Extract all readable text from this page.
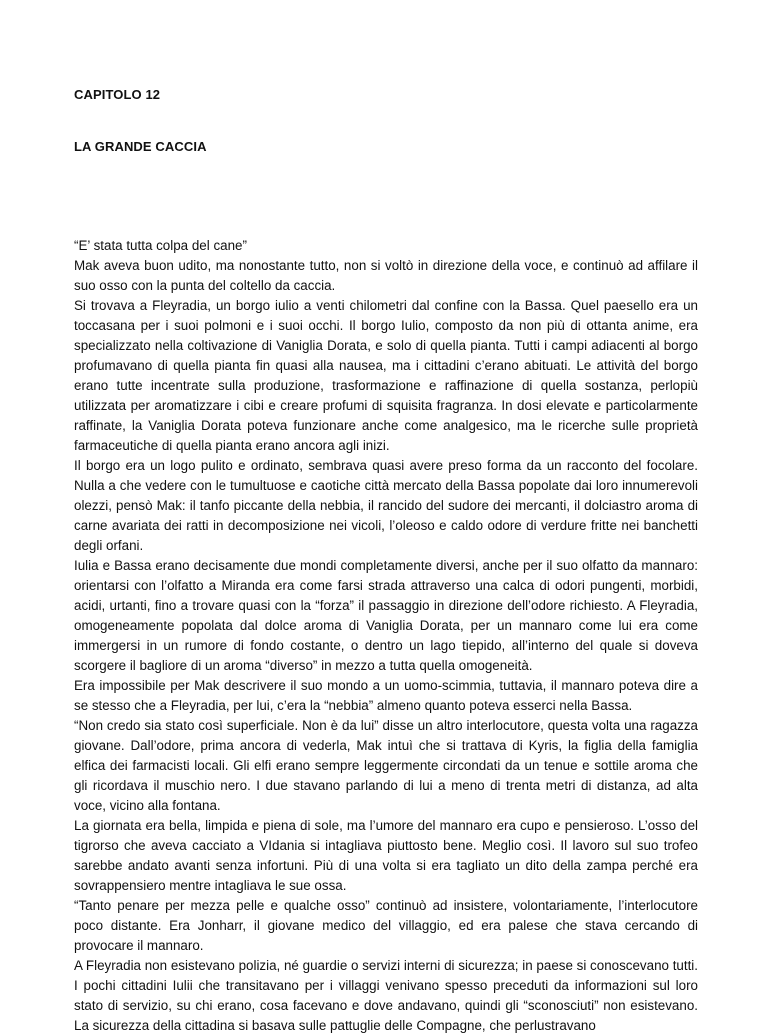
CAPITOLO 12
LA GRANDE CACCIA

“E’ stata tutta colpa del cane”

Mak aveva buon udito, ma nonostante tutto, non si voltò in direzione della voce, e continuò ad affilare il suo osso con la punta del coltello da caccia.

Si trovava a Fleyradia, un borgo iulio a venti chilometri dal confine con la Bassa. Quel paesello era un toccasana per i suoi polmoni e i suoi occhi. Il borgo Iulio, composto da non più di ottanta anime, era specializzato nella coltivazione di Vaniglia Dorata, e solo di quella pianta. Tutti i campi adiacenti al borgo profumavano di quella pianta fin quasi alla nausea, ma i cittadini c’erano abituati. Le attività del borgo erano tutte incentrate sulla produzione, trasformazione e raffinazione di quella sostanza, perlopiù utilizzata per aromatizzare i cibi e creare profumi di squisita fragranza. In dosi elevate e particolarmente raffinate, la Vaniglia Dorata poteva funzionare anche come analgesico, ma le ricerche sulle proprietà farmaceutiche di quella pianta erano ancora agli inizi.

Il borgo era un logo pulito e ordinato, sembrava quasi avere preso forma da un racconto del focolare. Nulla a che vedere con le tumultuose e caotiche città mercato della Bassa popolate dai loro innumerevoli olezzi, pensò Mak: il tanfo piccante della nebbia, il rancido del sudore dei mercanti, il dolciastro aroma di carne avariata dei ratti in decomposizione nei vicoli, l’oleoso e caldo odore di verdure fritte nei banchetti degli orfani.

Iulia e Bassa erano decisamente due mondi completamente diversi, anche per il suo olfatto da mannaro: orientarsi con l’olfatto a Miranda era come farsi strada attraverso una calca di odori pungenti, morbidi, acidi, urtanti, fino a trovare quasi con la “forza” il passaggio in direzione dell’odore richiesto. A Fleyradia, omogeneamente popolata dal dolce aroma di Vaniglia Dorata, per un mannaro come lui era come immergersi in un rumore di fondo costante, o dentro un lago tiepido, all’interno del quale si doveva scorgere il bagliore di un aroma “diverso” in mezzo a tutta quella omogeneità.

Era impossibile per Mak descrivere il suo mondo a un uomo-scimmia, tuttavia, il mannaro poteva dire a se stesso che a Fleyradia, per lui, c’era la “nebbia” almeno quanto poteva esserci nella Bassa.

“Non credo sia stato così superficiale. Non è da lui” disse un altro interlocutore, questa volta una ragazza giovane. Dall’odore, prima ancora di vederla, Mak intuì che si trattava di Kyris, la figlia della famiglia elfica dei farmacisti locali. Gli elfi erano sempre leggermente circondati da un tenue e sottile aroma che gli ricordava il muschio nero. I due stavano parlando di lui a meno di trenta metri di distanza, ad alta voce, vicino alla fontana.

La giornata era bella, limpida e piena di sole, ma l’umore del mannaro era cupo e pensieroso. L’osso del tigrorso che aveva cacciato a VIdania si intagliava piuttosto bene. Meglio così. Il lavoro sul suo trofeo sarebbe andato avanti senza infortuni. Più di una volta si era tagliato un dito della zampa perché era sovrappensiero mentre intagliava le sue ossa.

“Tanto penare per mezza pelle e qualche osso” continuò ad insistere, volontariamente, l’interlocutore poco distante. Era Jonharr, il giovane medico del villaggio, ed era palese che stava cercando di provocare il mannaro.

A Fleyradia non esistevano polizia, né guardie o servizi interni di sicurezza; in paese si conoscevano tutti. I pochi cittadini Iulii che transitavano per i villaggi venivano spesso preceduti da informazioni sul loro stato di servizio, su chi erano, cosa facevano e dove andavano, quindi gli “sconosciuti” non esistevano. La sicurezza della cittadina si basava sulle pattuglie delle Compagne, che perlustravano
